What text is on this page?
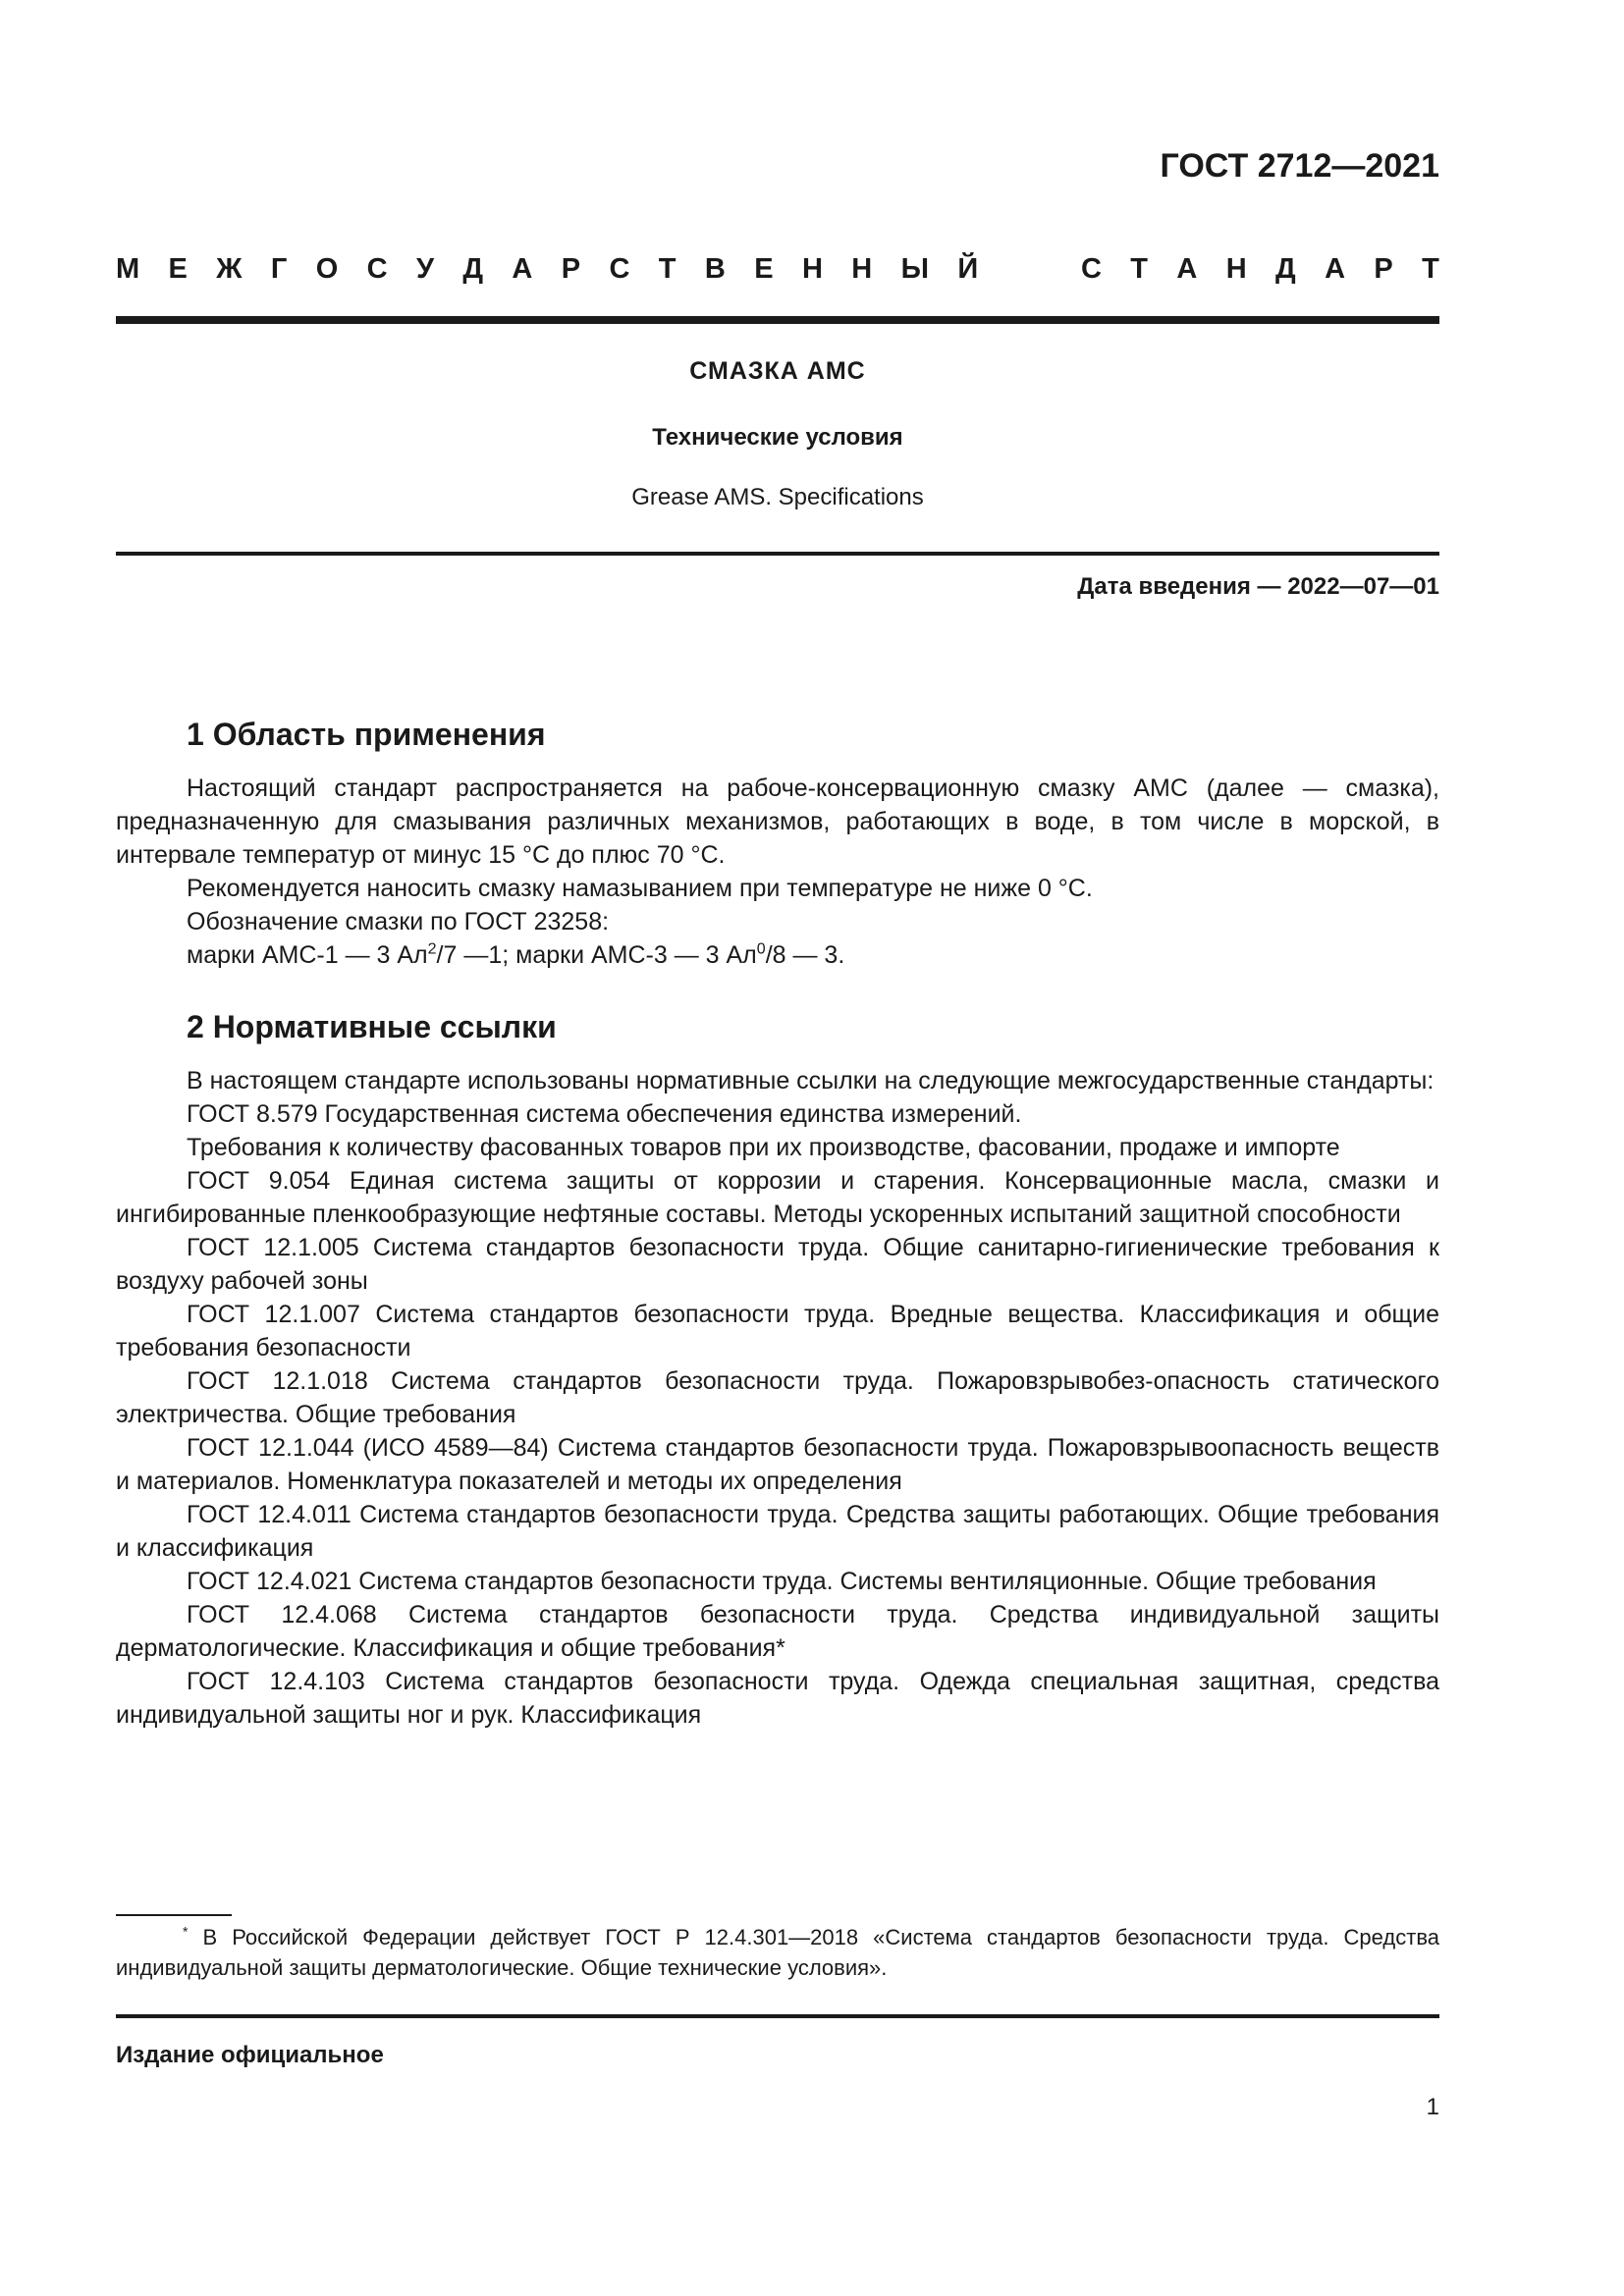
ГОСТ 2712—2021
М Е Ж Г О С У Д А Р С Т В Е Н Н Ы Й	С Т А Н Д А Р Т
СМАЗКА АМС
Технические условия
Grease AMS. Specifications
Дата введения — 2022—07—01
1 Область применения

Настоящий стандарт распространяется на рабоче-консервационную смазку АМС (далее — смазка), предназначенную для смазывания различных механизмов, работающих в воде, в том числе в морской, в интервале температур от минус 15 °С до плюс 70 °С.

Рекомендуется наносить смазку намазыванием при температуре не ниже 0 °С.

Обозначение смазки по ГОСТ 23258:

марки АМС-1 — 3 $Ал^2/7$ —1; марки АМС-3 — 3 $Ал^0/8$ — 3.

2 Нормативные ссылки

В настоящем стандарте использованы нормативные ссылки на следующие межгосударственные стандарты:

ГОСТ 8.579 Государственная система обеспечения единства измерений.

Требования к количеству фасованных товаров при их производстве, фасовании, продаже и импорте

ГОСТ 9.054 Единая система защиты от коррозии и старения. Консервационные масла, смазки и ингибированные пленкообразующие нефтяные составы. Методы ускоренных испытаний защитной способности

ГОСТ 12.1.005 Система стандартов безопасности труда. Общие санитарно-гигиенические требования к воздуху рабочей зоны

ГОСТ 12.1.007 Система стандартов безопасности труда. Вредные вещества. Классификация и общие требования безопасности

ГОСТ 12.1.018 Система стандартов безопасности труда. Пожаровзрывобез-опасность статического электричества. Общие требования

ГОСТ 12.1.044 (ИСО 4589—84) Система стандартов безопасности труда. Пожаровзрывоопасность веществ и материалов. Номенклатура показателей и методы их определения

ГОСТ 12.4.011 Система стандартов безопасности труда. Средства защиты работающих. Общие требования и классификация

ГОСТ 12.4.021 Система стандартов безопасности труда. Системы вентиляционные. Общие требования

ГОСТ 12.4.068 Система стандартов безопасности труда. Средства индивидуальной защиты дерматологические. Классификация и общие требования*

ГОСТ 12.4.103 Система стандартов безопасности труда. Одежда специальная защитная, средства индивидуальной защиты ног и рук. Классификация

* В Российской Федерации действует ГОСТ Р 12.4.301—2018 «Система стандартов безопасности труда. Средства индивидуальной защиты дерматологические. Общие технические условия».
Издание официальное
1
